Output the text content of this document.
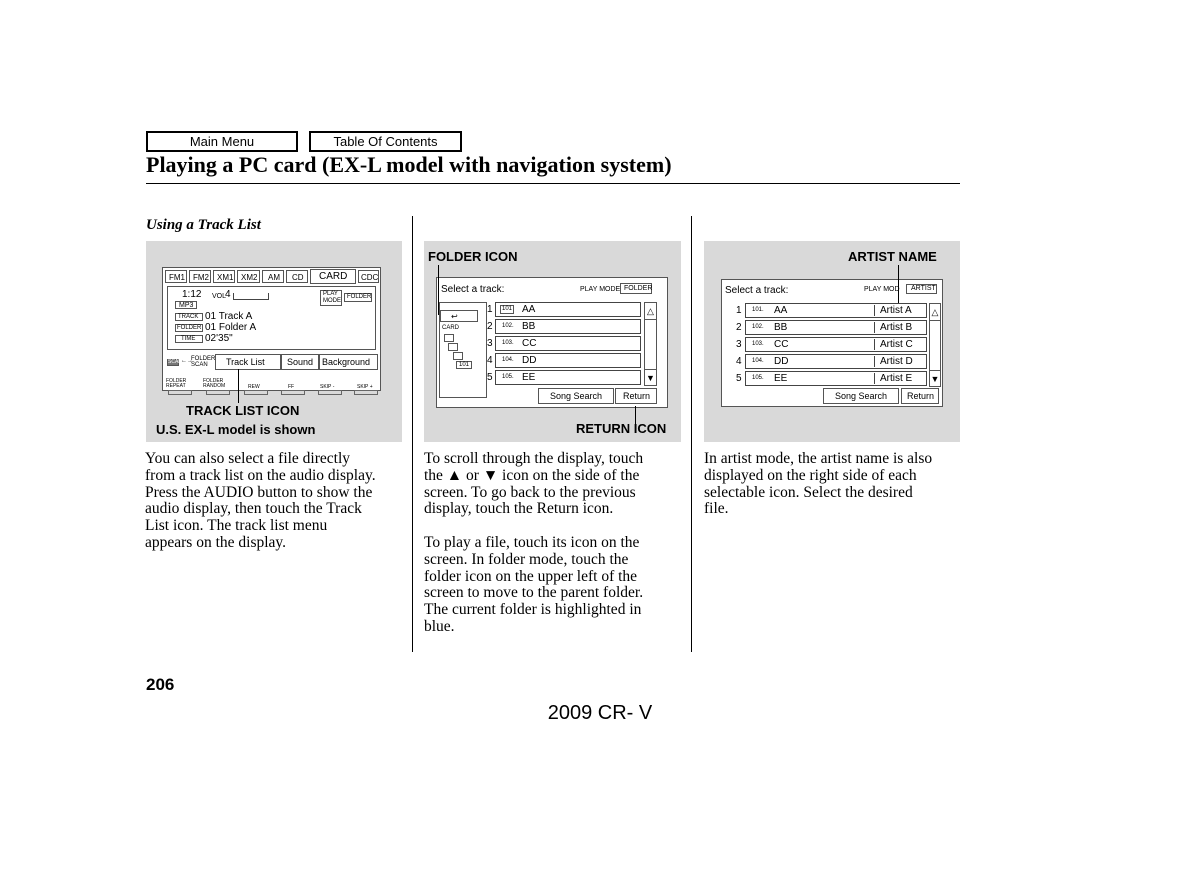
Main Menu	Table Of Contents
Playing a PC card (EX-L model with navigation system)
Using a Track List
FM1 FM2 XM1 XM2 AM CD CARD CDC
1:12 VOL
4
MP3
PLAY MODE
FOLDER
TRACK 01 Track A
FOLDER 01 Folder A
TIME 02'35"
SCAN ←→
FOLDER SCAN Track List Sound Background
FOLDER REPEAT
FOLDER RANDOM	REW	FF	SKIP -	SKIP +
TRACK LIST ICON
U.S. EX-L model is shown
FOLDER ICON
Select a track:	PLAY MODE FOLDER
↩
CARD
101
1 101 AA
2 102. BB
3 103. CC
4 104. DD
5 105. EE
△
▼
Song Search Return
RETURN ICON
ARTIST NAME
Select a track:	PLAY MOD ARTIST
1 101. AA	Artist A
2 102. BB	Artist B
3 103. CC	Artist C
4 104. DD	Artist D
5 105. EE	Artist E
△
▼
Song Search Return
You can also select a file directly
from a track list on the audio display.
Press the AUDIO button to show the
audio display, then touch the Track
List icon. The track list menu
appears on the display.
To scroll through the display, touch
the ▲ or ▼ icon on the side of the
screen. To go back to the previous
display, touch the Return icon.
To play a file, touch its icon on the
screen. In folder mode, touch the
folder icon on the upper left of the
screen to move to the parent folder.
The current folder is highlighted in
blue.
In artist mode, the artist name is also
displayed on the right side of each
selectable icon. Select the desired
file.
206
2009 CR- V
